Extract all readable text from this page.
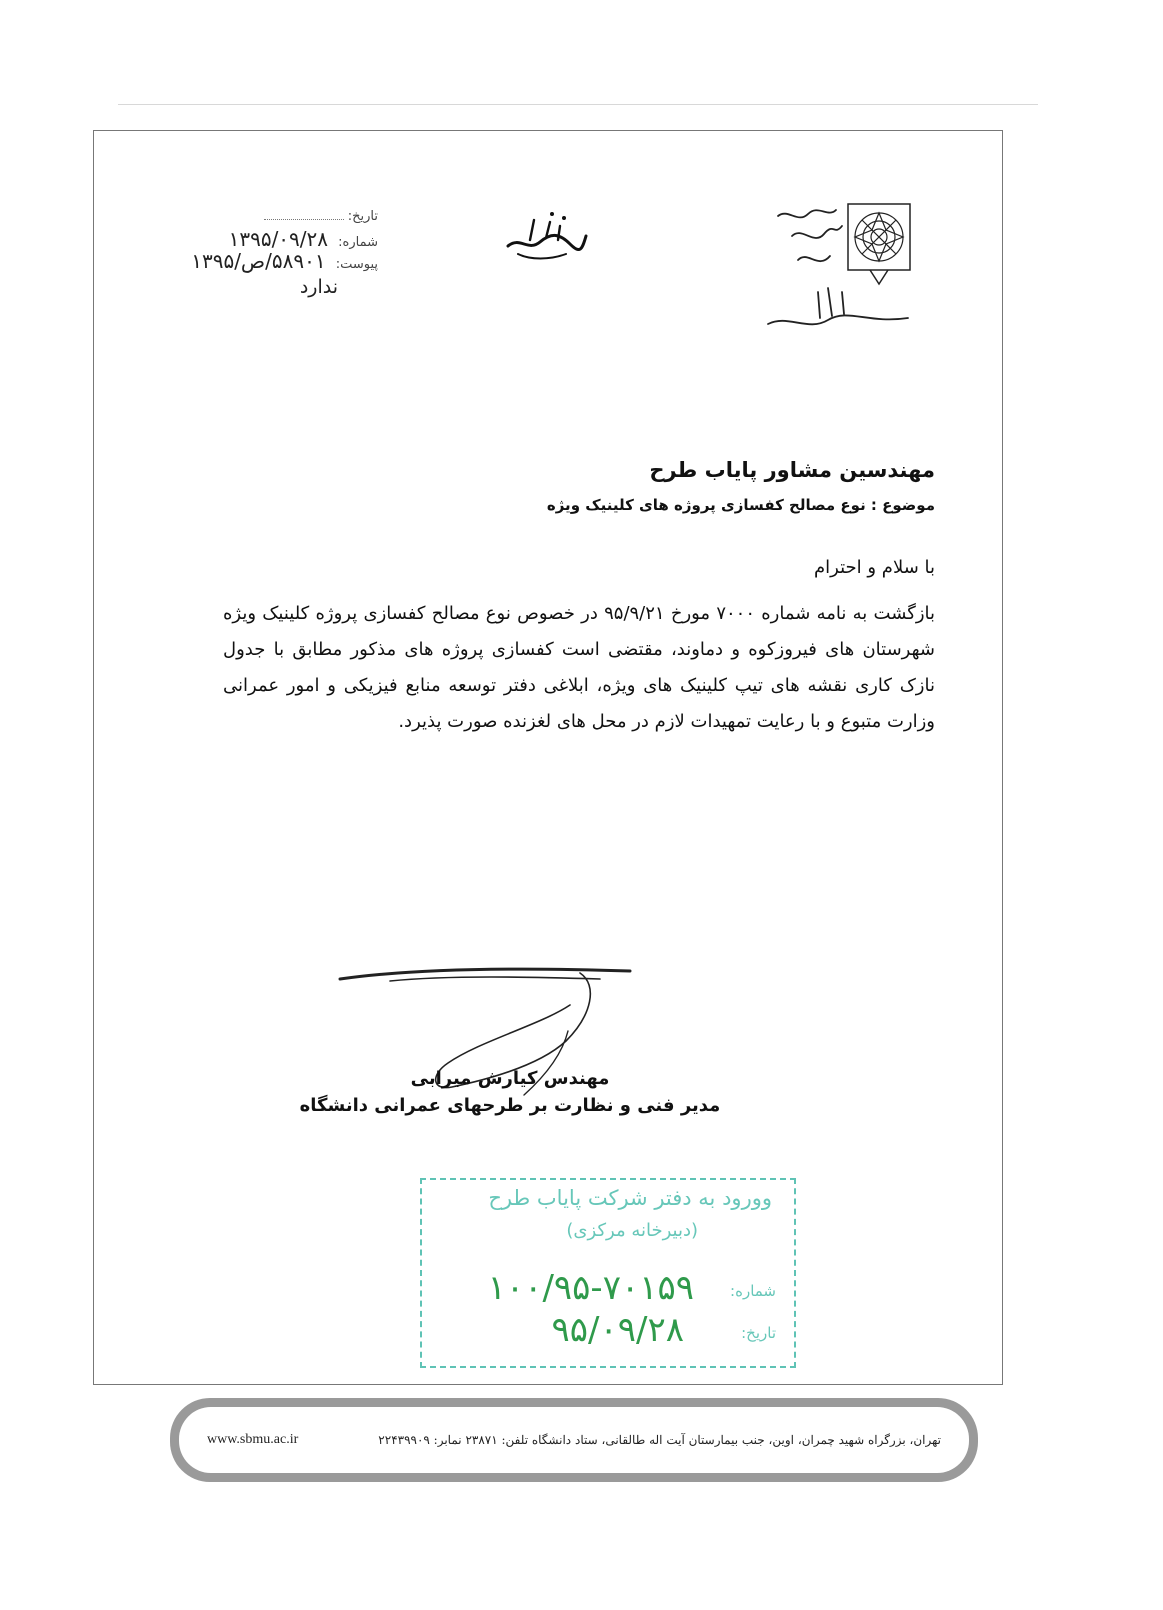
تاریخ:
شماره: ۱۳۹۵/۰۹/۲۸
پیوست: ۵۸۹۰۱/ص/۱۳۹۵
ندارد
مهندسین مشاور پایاب طرح
موضوع : نوع مصالح کفسازی پروژه های کلینیک ویژه
با سلام و احترام
بازگشت به نامه شماره ۷۰۰۰ مورخ ۹۵/۹/۲۱ در خصوص نوع مصالح کفسازی پروژه کلینیک ویژه شهرستان های فیروزکوه و دماوند، مقتضی است کفسازی پروژه های مذکور مطابق با جدول نازک کاری نقشه های تیپ کلینیک های ویژه، ابلاغی دفتر توسعه منابع فیزیکی و امور عمرانی وزارت متبوع و با رعایت تمهیدات لازم در محل های لغزنده صورت پذیرد.
مهندس کیارش میرابی
مدیر فنی و نظارت بر طرحهای عمرانی دانشگاه
وورود به دفتر شرکت پایاب طرح
(دبیرخانه مرکزی)
شماره:
۱۰۰/۹۵-۷۰۱۵۹
تاریخ:
۹۵/۰۹/۲۸
www.sbmu.ac.ir	تهران، بزرگراه شهید چمران، اوین، جنب بیمارستان آیت اله طالقانی، ستاد دانشگاه تلفن: ۲۳۸۷۱ نمابر: ۲۲۴۳۹۹۰۹
